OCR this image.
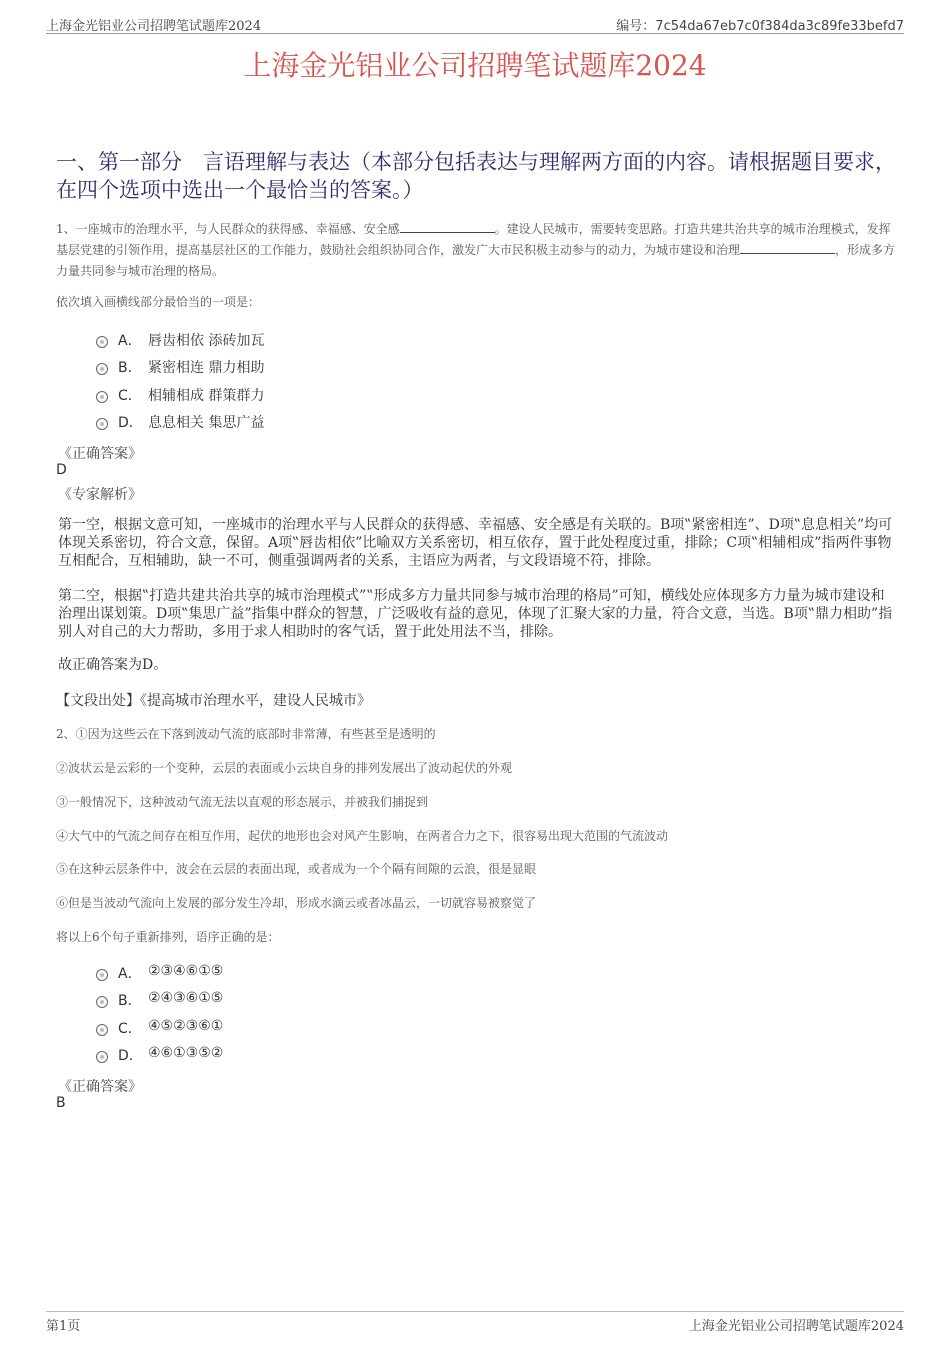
上海金光铝业公司招聘笔试题库2024	编号：7c54da67eb7c0f384da3c89fe33befd7
上海金光铝业公司招聘笔试题库2024
一、第一部分　言语理解与表达（本部分包括表达与理解两方面的内容。请根据题目要求，在四个选项中选出一个最恰当的答案。）
1、一座城市的治理水平，与人民群众的获得感、幸福感、安全感	。建设人民城市，需要转变思路。打造共建共治共享的城市治理模式，发挥基层党建的引领作用，提高基层社区的工作能力，鼓励社会组织协同合作，激发广大市民积极主动参与的动力，为城市建设和治理	，形成多方力量共同参与城市治理的格局。
依次填入画横线部分最恰当的一项是：
A． 唇齿相依 添砖加瓦
B． 紧密相连 鼎力相助
C． 相辅相成 群策群力
D． 息息相关 集思广益
《正确答案》
D
《专家解析》
第一空，根据文意可知，一座城市的治理水平与人民群众的获得感、幸福感、安全感是有关联的。B项‟紧密相连”、D项‟息息相关”均可体现关系密切，符合文意，保留。A项‟唇齿相依”比喻双方关系密切，相互依存，置于此处程度过重，排除；C项‟相辅相成”指两件事物互相配合，互相辅助，缺一不可，侧重强调两者的关系，主语应为两者，与文段语境不符，排除。
第二空，根据‟打造共建共治共享的城市治理模式”‟形成多方力量共同参与城市治理的格局”可知，横线处应体现多方力量为城市建设和治理出谋划策。D项‟集思广益”指集中群众的智慧，广泛吸收有益的意见，体现了汇聚大家的力量，符合文意，当选。B项‟鼎力相助”指别人对自己的大力帮助，多用于求人相助时的客气话，置于此处用法不当，排除。
故正确答案为D。
【文段出处】《提高城市治理水平，建设人民城市》
2、①因为这些云在下落到波动气流的底部时非常薄，有些甚至是透明的
②波状云是云彩的一个变种，云层的表面或小云块自身的排列发展出了波动起伏的外观
③一般情况下，这种波动气流无法以直观的形态展示，并被我们捕捉到
④大气中的气流之间存在相互作用，起伏的地形也会对风产生影响，在两者合力之下，很容易出现大范围的气流波动
⑤在这种云层条件中，波会在云层的表面出现，或者成为一个个隔有间隙的云浪，很是显眼
⑥但是当波动气流向上发展的部分发生冷却，形成水滴云或者冰晶云，一切就容易被察觉了
将以上6个句子重新排列，语序正确的是：
A． ②③④⑥①⑤
B． ②④③⑥①⑤
C． ④⑤②③⑥①
D． ④⑥①③⑤②
《正确答案》
B
第1页	上海金光铝业公司招聘笔试题库2024
